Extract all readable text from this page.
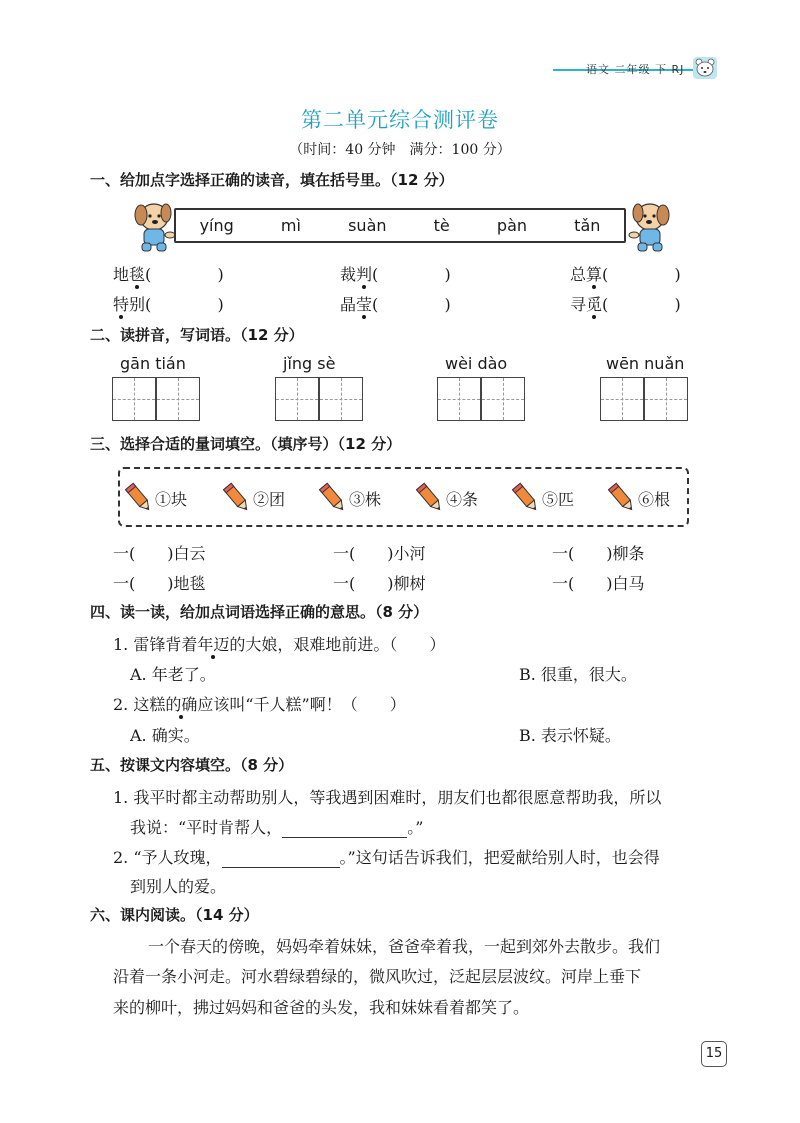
语文 二年级 下 RJ
第二单元综合测评卷
（时间：40 分钟　满分：100 分）
一、给加点字选择正确的读音，填在括号里。（12 分）
yíng	mì	suàn	tè	pàn	tǎn
地毯(	)	裁判(	)	总算(	)
特别(	)	晶莹(	)	寻觅(	)
二、读拼音，写词语。（12 分）
gān tián	jǐng sè	wèi dào	wēn nuǎn
三、选择合适的量词填空。（填序号）（12 分）
①块	②团	③株	④条	⑤匹	⑥根
一(　　)白云	一(　　)小河	一(　　)柳条
一(　　)地毯	一(　　)柳树	一(　　)白马
四、读一读，给加点词语选择正确的意思。（8 分）
1. 雷锋背着年迈的大娘，艰难地前进。（　　）
A. 年老了。	B. 很重，很大。
2. 这糕的确应该叫“千人糕”啊！（　　）
A. 确实。	B. 表示怀疑。
五、按课文内容填空。（8 分）
1. 我平时都主动帮助别人，等我遇到困难时，朋友们也都很愿意帮助我，所以
我说：“平时肯帮人，	。”
2. “予人玫瑰，	。”这句话告诉我们，把爱献给别人时，也会得
到别人的爱。
六、课内阅读。（14 分）
一个春天的傍晚，妈妈牵着妹妹，爸爸牵着我，一起到郊外去散步。我们
沿着一条小河走。河水碧绿碧绿的，微风吹过，泛起层层波纹。河岸上垂下
来的柳叶，拂过妈妈和爸爸的头发，我和妹妹看着都笑了。
15
